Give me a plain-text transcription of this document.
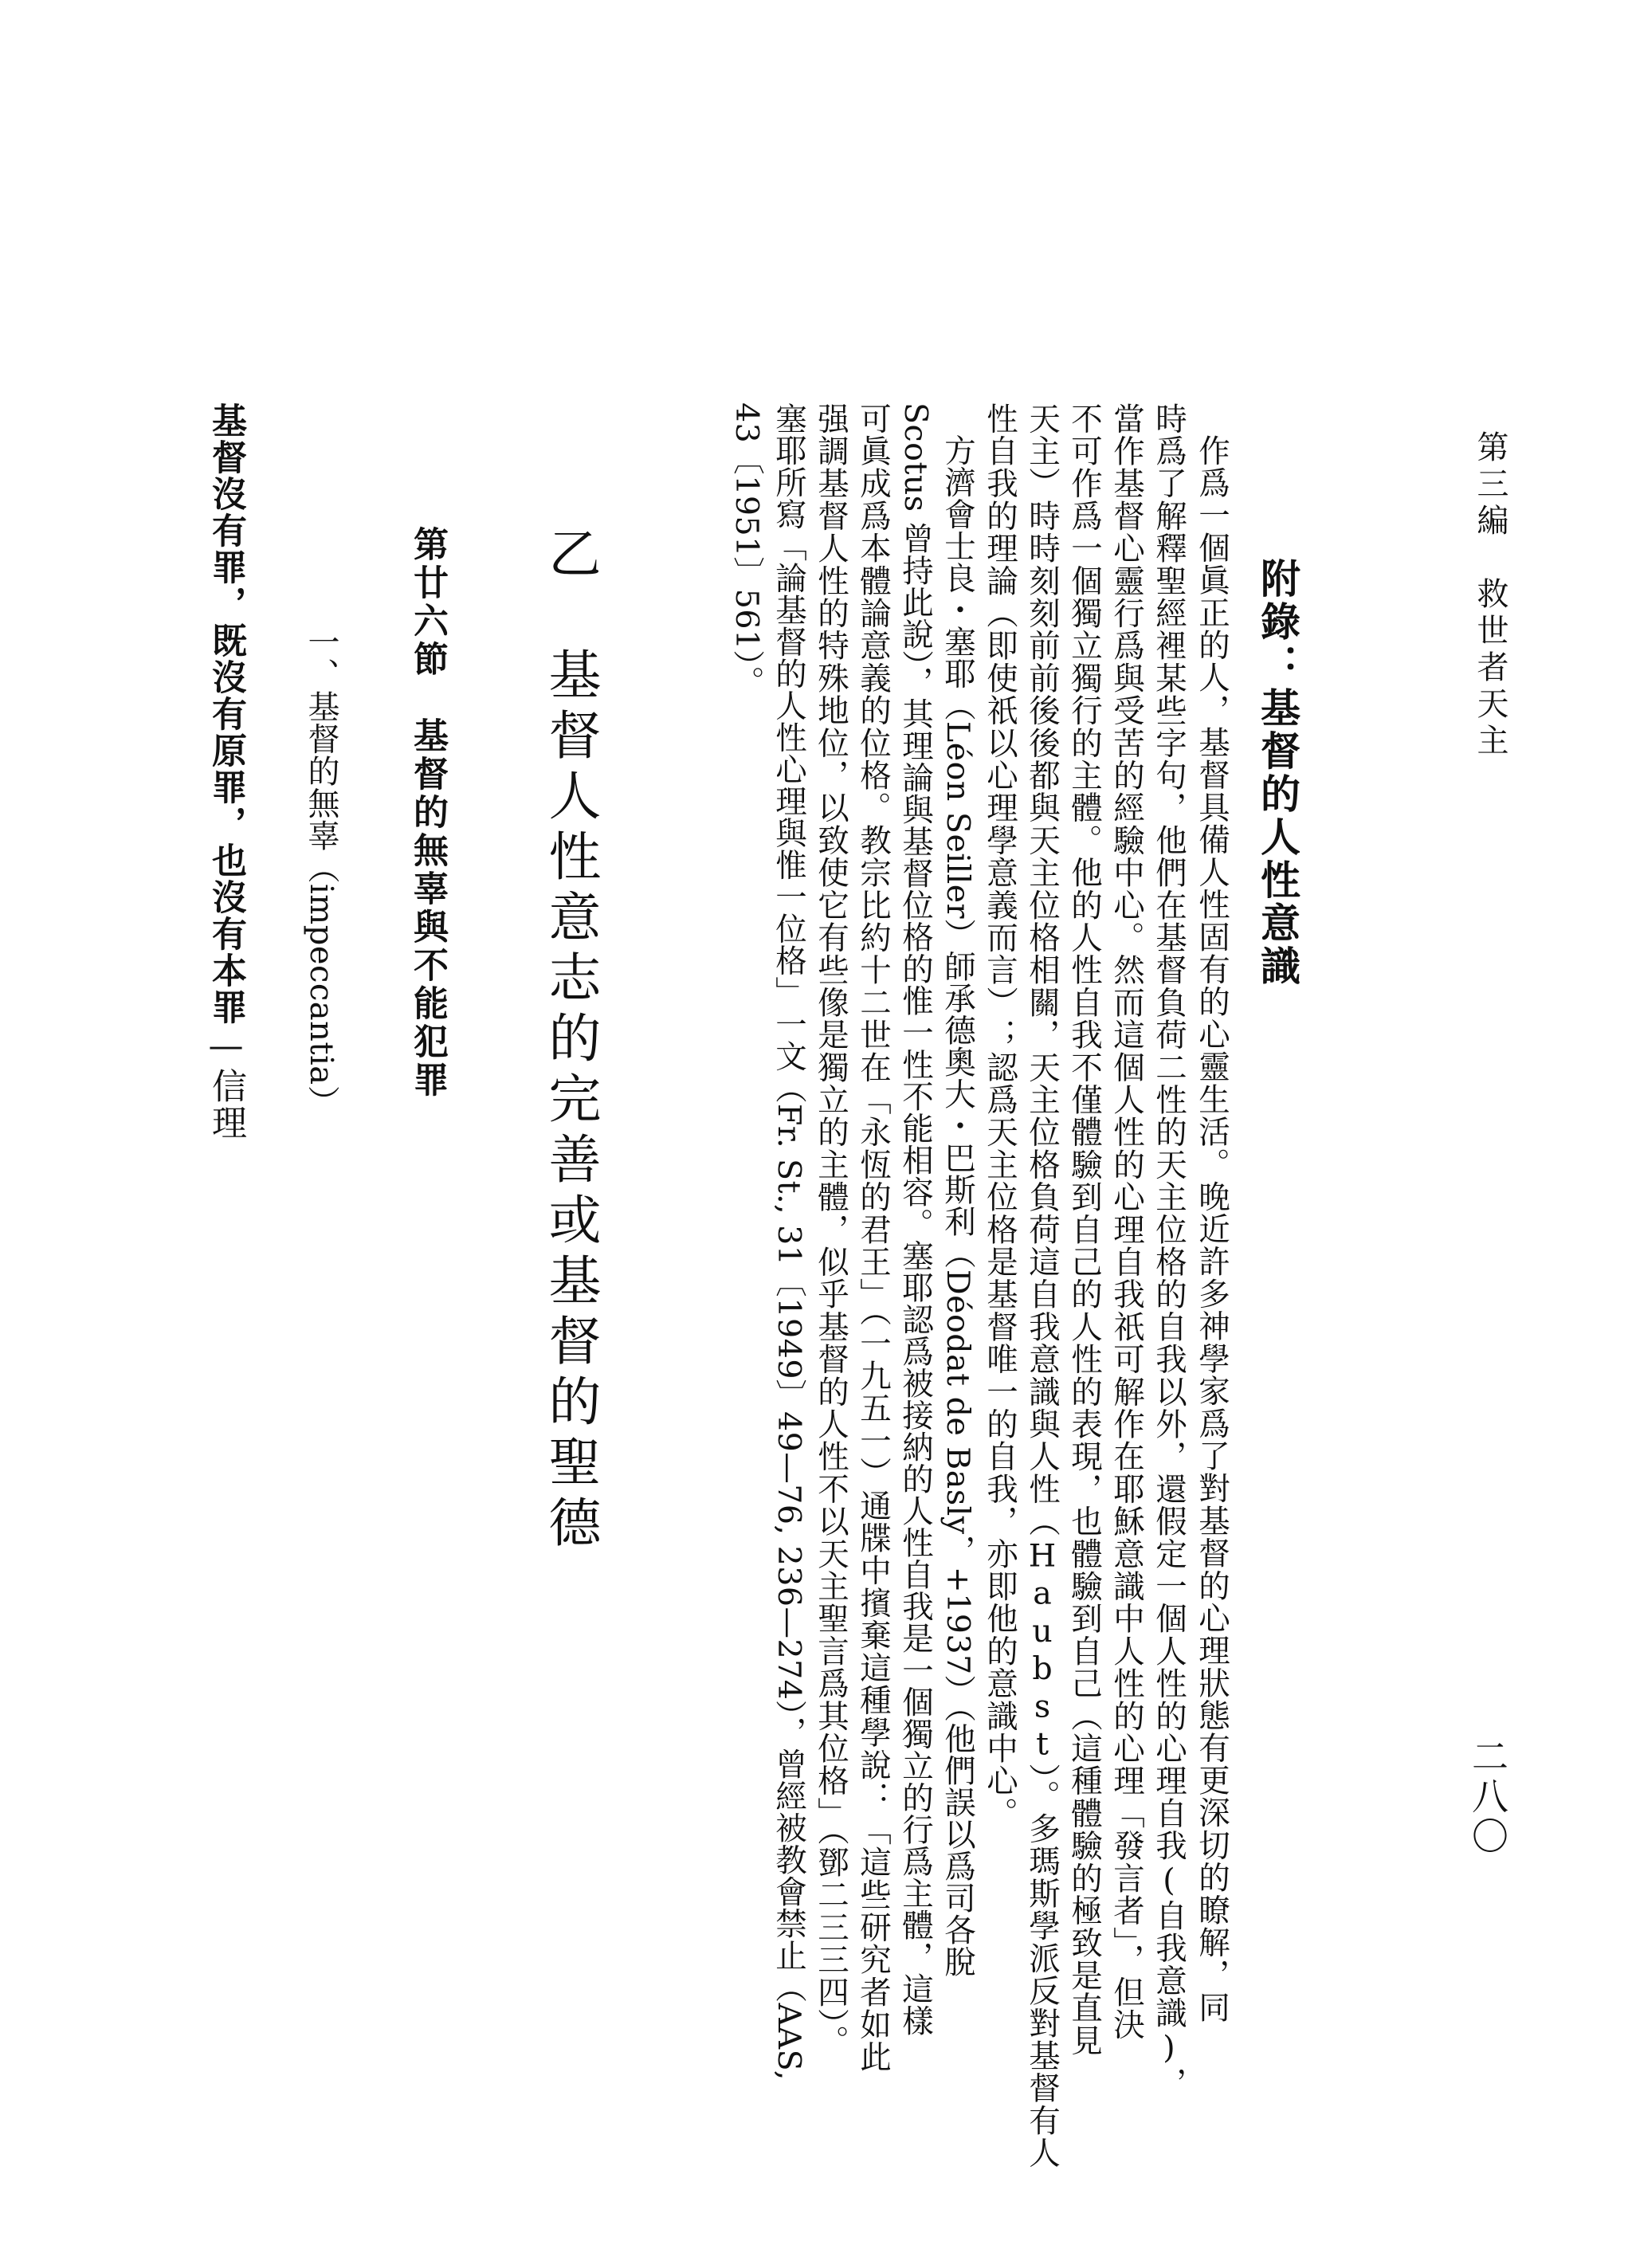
第三編　救世者天主
二八〇
附錄：基督的人性意識
作爲一個眞正的人，基督具備人性固有的心靈生活。晚近許多神學家爲了對基督的心理狀態有更深切的瞭解，同
時爲了解釋聖經裡某些字句，他們在基督負荷二性的天主位格的自我以外，還假定一個人性的心理自我(自我意識)，
當作基督心靈行爲與受苦的經驗中心。然而這個人性的心理自我祇可解作在耶穌意識中人性的心理「發言者」，但決
不可作爲一個獨立獨行的主體。他的人性自我不僅體驗到自己的人性的表現，也體驗到自己（這種體驗的極致是直見
天主）時時刻刻前前後後都與天主位格相關，天主位格負荷這自我意識與人性（Haubst）。多瑪斯學派反對基督有人
性自我的理論（即使祇以心理學意義而言）；認爲天主位格是基督唯一的自我，亦即他的意識中心。
方濟會士良・塞耶（Léon Seiller）師承德奧大・巴斯利（Déodat de Basly，+1937）（他們誤以爲司各脫
Scotus 曾持此說），其理論與基督位格的惟一性不能相容。塞耶認爲被接納的人性自我是一個獨立的行爲主體，這樣
可眞成爲本體論意義的位格。教宗比約十二世在「永恆的君王」（一九五一）通牒中擯棄這種學說：「這些研究者如此
强調基督人性的特殊地位，以致使它有些像是獨立的主體，似乎基督的人性不以天主聖言爲其位格」（鄧二三三四）。
塞耶所寫「論基督的人性心理與惟一位格」一文（Fr. St., 31〔1949〕49—76, 236—274），曾經被教會禁止（AAS,
43〔1951〕561）。
乙　基督人性意志的完善或基督的聖德
第廿六節　基督的無辜與不能犯罪
一、基督的無辜（impeccantia）
基督沒有罪，既沒有原罪，也沒有本罪—信理
